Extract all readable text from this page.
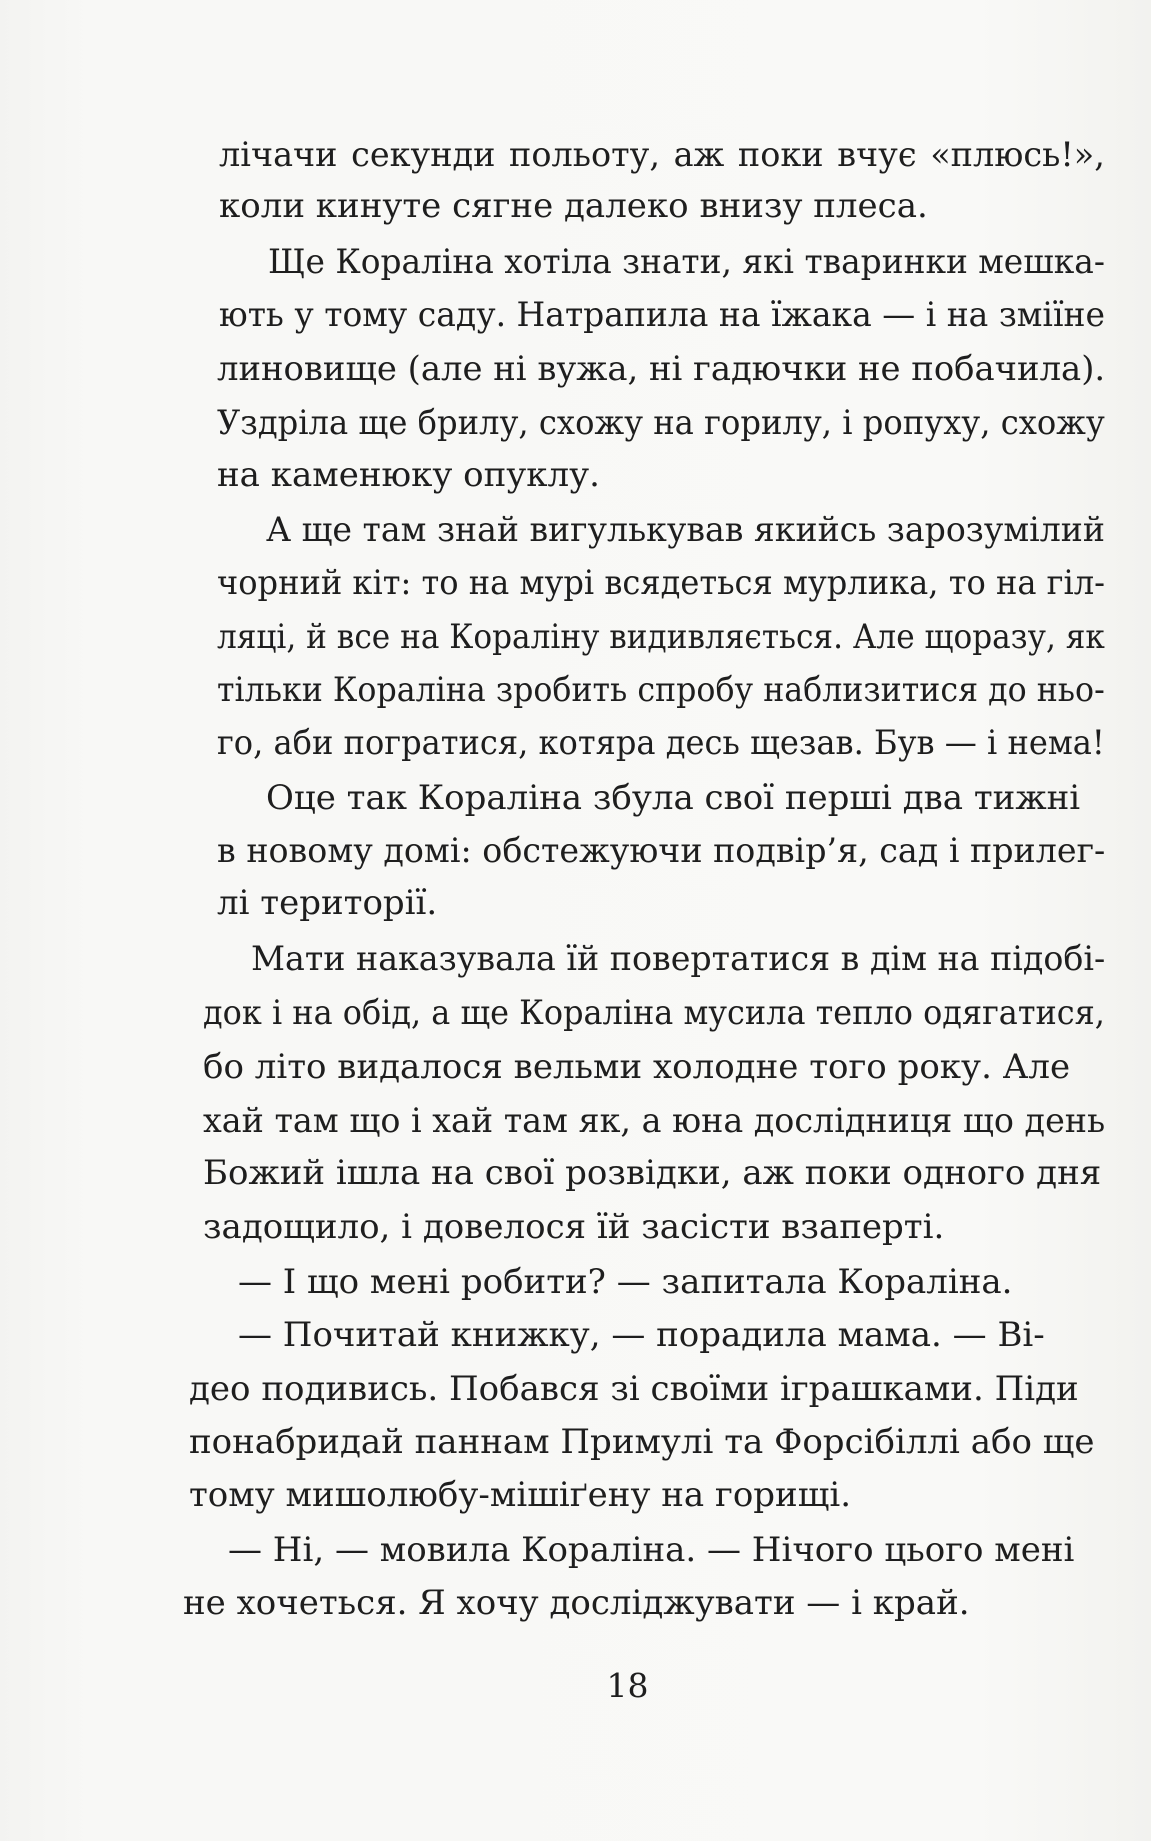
лічачи секунди польоту, аж поки вчує «плюсь!»,
коли кинуте сягне далеко внизу плеса.
Ще Кораліна хотіла знати, які тваринки мешка-
ють у тому саду. Натрапила на їжака — і на зміїне
линовище (але ні вужа, ні гадючки не побачила).
Уздріла ще брилу, схожу на горилу, і ропуху, схожу
на каменюку опуклу.
А ще там знай вигулькував якийсь зарозумілий
чорний кіт: то на мурі всядеться мурлика, то на гіл-
ляці, й все на Кораліну видивляється. Але щоразу, як
тільки Кораліна зробить спробу наблизитися до ньо-
го, аби погратися, котяра десь щезав. Був — і нема!
Оце так Кораліна збула свої перші два тижні
в новому домі: обстежуючи подвір’я, сад і прилег-
лі території.
Мати наказувала їй повертатися в дім на підобі-
док і на обід, а ще Кораліна мусила тепло одягатися,
бо літо видалося вельми холодне того року. Але
хай там що і хай там як, а юна дослідниця що день
Божий ішла на свої розвідки, аж поки одного дня
задощило, і довелося їй засісти взаперті.
— І що мені робити? — запитала Кораліна.
— Почитай книжку, — порадила мама. — Ві-
део подивись. Побався зі своїми іграшками. Піди
понабридай паннам Примулі та Форсібіллі або ще
тому мишолюбу-мішіґену на горищі.
— Ні, — мовила Кораліна. — Нічого цього мені
не хочеться. Я хочу досліджувати — і край.
18
